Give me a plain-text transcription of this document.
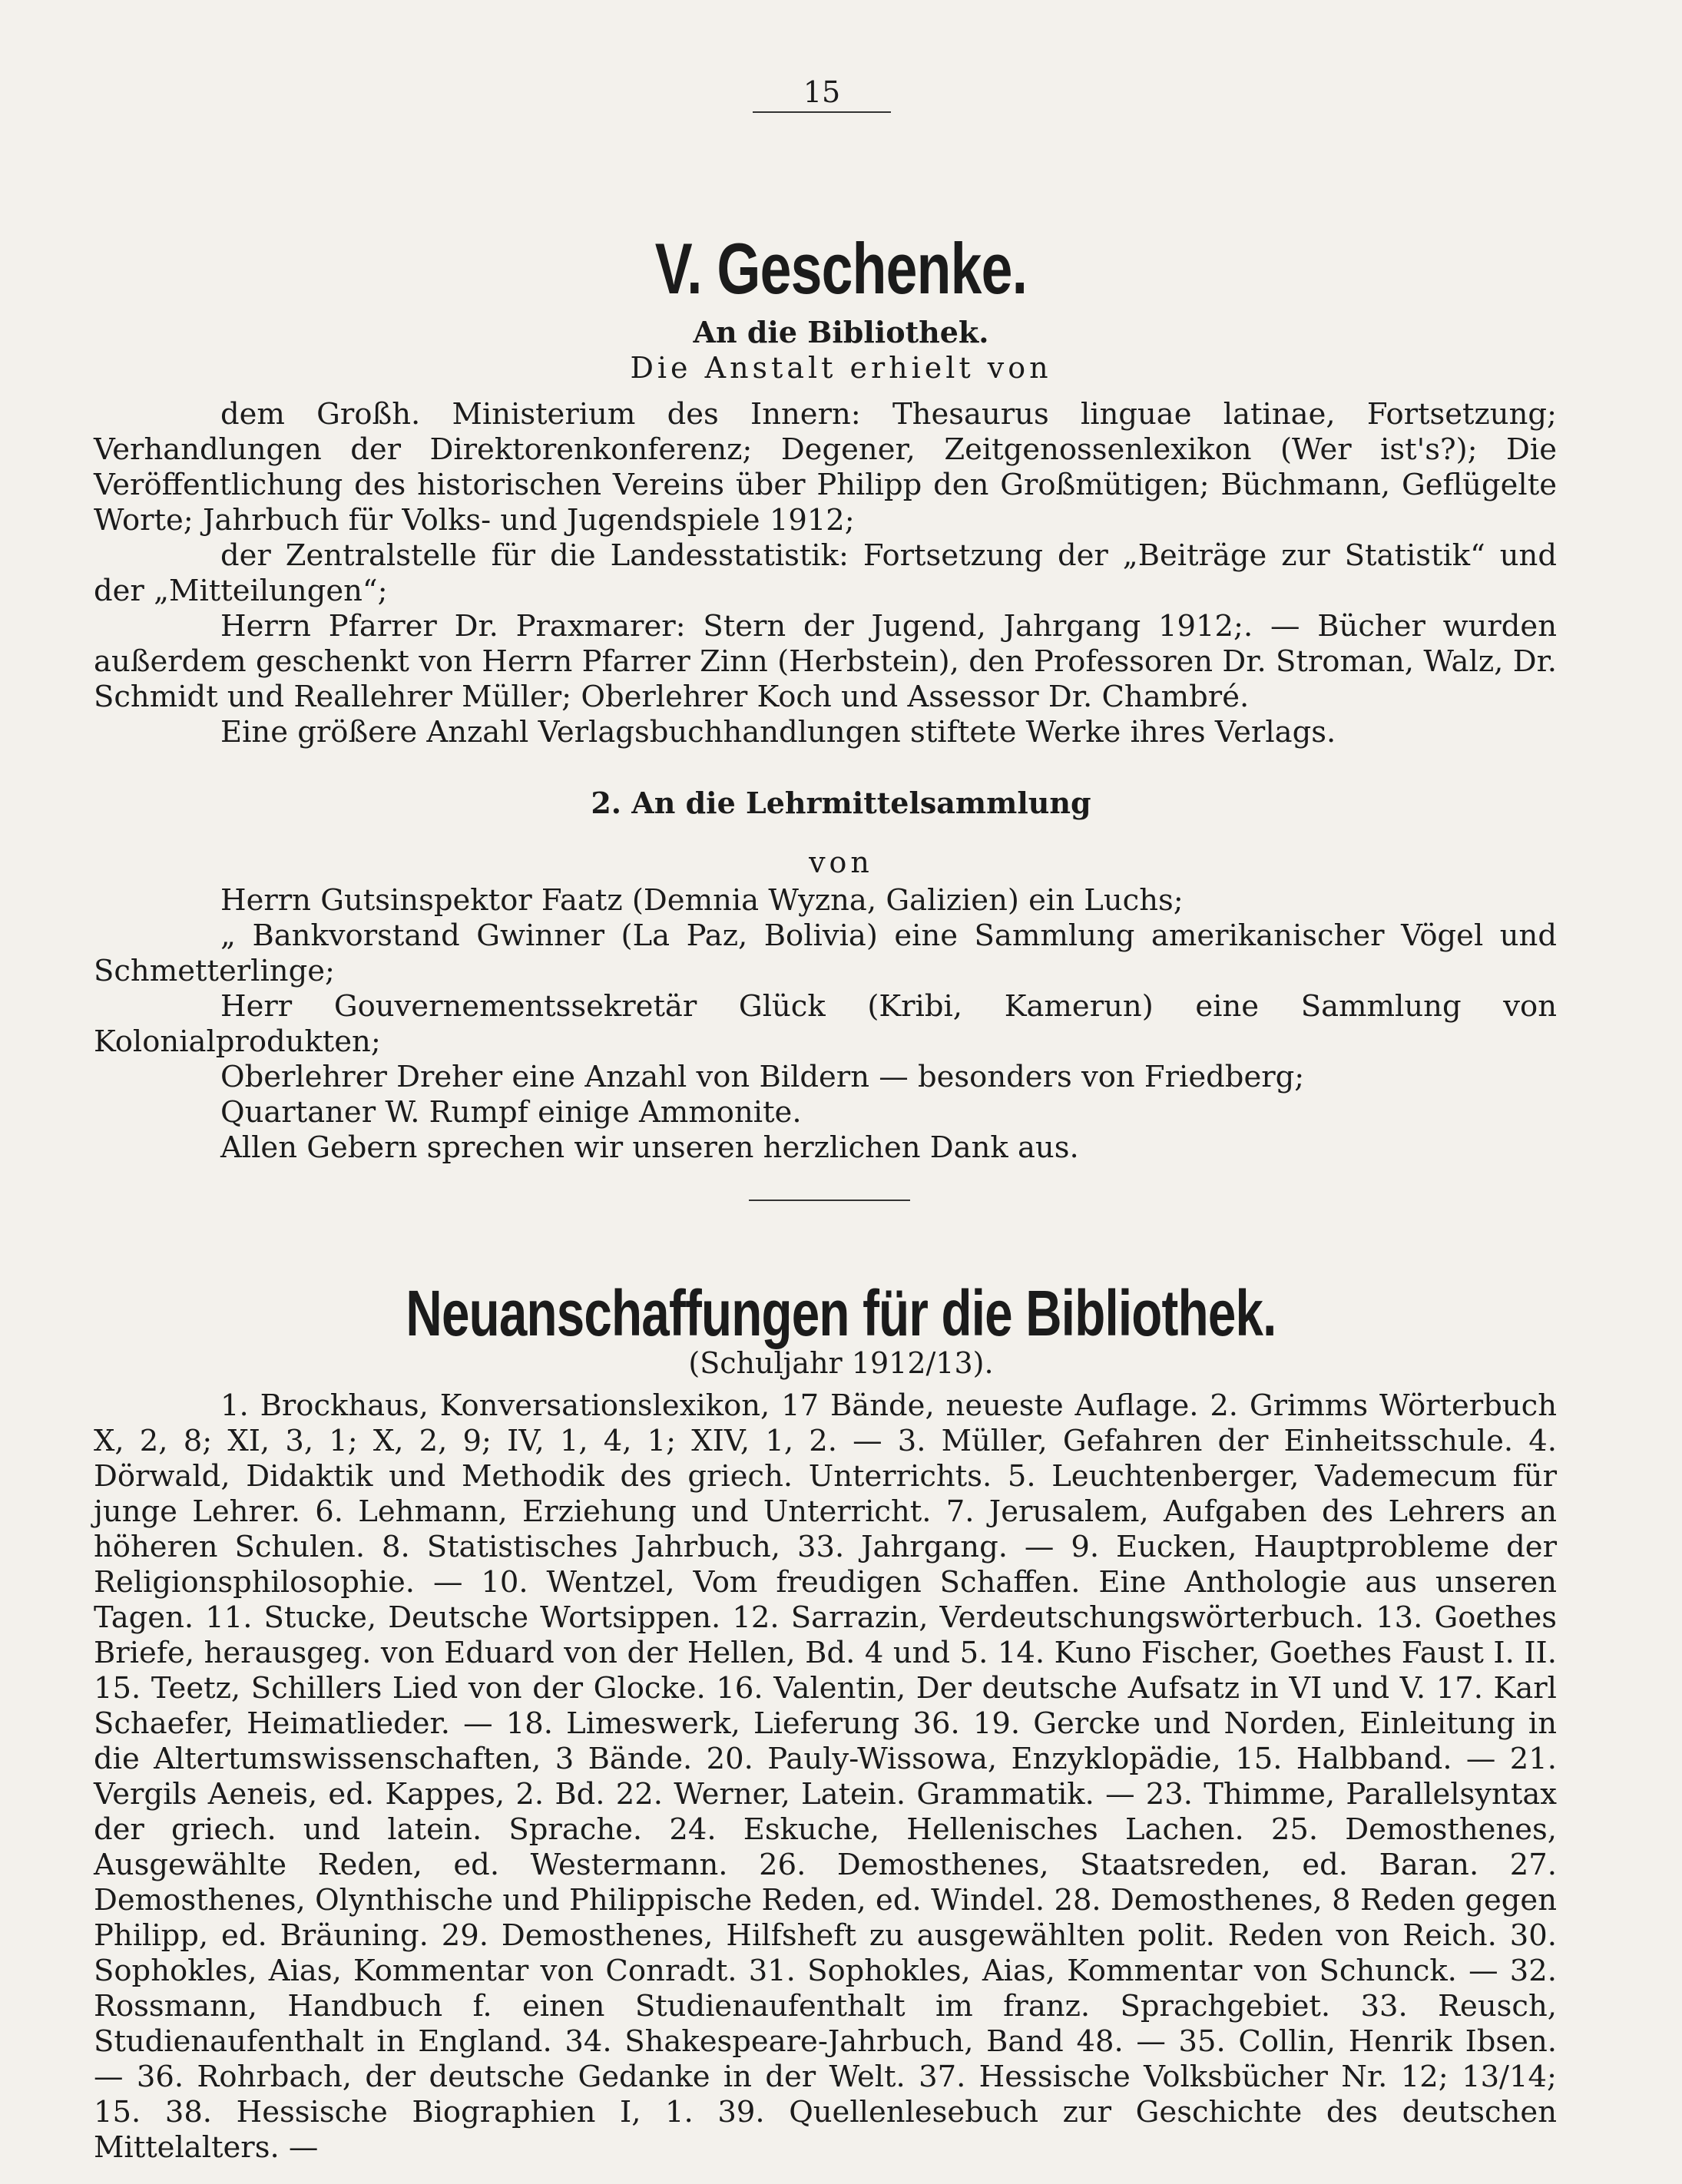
15
V. Geschenke.
An die Bibliothek.
Die Anstalt erhielt von

dem Großh. Ministerium des Innern: Thesaurus linguae latinae, Fortsetzung; Verhandlungen der Direktorenkonferenz; Degener, Zeitgenossenlexikon (Wer ist's?); Die Veröffentlichung des historischen Vereins über Philipp den Großmütigen; Büchmann, Geflügelte Worte; Jahrbuch für Volks- und Jugendspiele 1912;

der Zentralstelle für die Landesstatistik: Fortsetzung der „Beiträge zur Statistik“ und der „Mitteilungen“;

Herrn Pfarrer Dr. Praxmarer: Stern der Jugend, Jahrgang 1912;. — Bücher wurden außerdem geschenkt von Herrn Pfarrer Zinn (Herbstein), den Professoren Dr. Stroman, Walz, Dr. Schmidt und Reallehrer Müller; Oberlehrer Koch und Assessor Dr. Chambré.

Eine größere Anzahl Verlagsbuchhandlungen stiftete Werke ihres Verlags.

2. An die Lehrmittelsammlung
von

Herrn Gutsinspektor Faatz (Demnia Wyzna, Galizien) ein Luchs;

„ Bankvorstand Gwinner (La Paz, Bolivia) eine Sammlung amerikanischer Vögel und Schmetterlinge;

Herr Gouvernementssekretär Glück (Kribi, Kamerun) eine Sammlung von Kolonialprodukten;

Oberlehrer Dreher eine Anzahl von Bildern — besonders von Friedberg;

Quartaner W. Rumpf einige Ammonite.

Allen Gebern sprechen wir unseren herzlichen Dank aus.

Neuanschaffungen für die Bibliothek.
(Schuljahr 1912/13).

1. Brockhaus, Konversationslexikon, 17 Bände, neueste Auflage. 2. Grimms Wörterbuch X, 2, 8; XI, 3, 1; X, 2, 9; IV, 1, 4, 1; XIV, 1, 2. — 3. Müller, Gefahren der Einheitsschule. 4. Dörwald, Didaktik und Methodik des griech. Unterrichts. 5. Leuchtenberger, Vademecum für junge Lehrer. 6. Lehmann, Erziehung und Unterricht. 7. Jerusalem, Aufgaben des Lehrers an höheren Schulen. 8. Statistisches Jahrbuch, 33. Jahrgang. — 9. Eucken, Hauptprobleme der Religionsphilosophie. — 10. Wentzel, Vom freudigen Schaffen. Eine Anthologie aus unseren Tagen. 11. Stucke, Deutsche Wortsippen. 12. Sarrazin, Verdeutschungswörterbuch. 13. Goethes Briefe, herausgeg. von Eduard von der Hellen, Bd. 4 und 5. 14. Kuno Fischer, Goethes Faust I. II. 15. Teetz, Schillers Lied von der Glocke. 16. Valentin, Der deutsche Aufsatz in VI und V. 17. Karl Schaefer, Heimatlieder. — 18. Limeswerk, Lieferung 36. 19. Gercke und Norden, Einleitung in die Altertumswissenschaften, 3 Bände. 20. Pauly-Wissowa, Enzyklopädie, 15. Halbband. — 21. Vergils Aeneis, ed. Kappes, 2. Bd. 22. Werner, Latein. Grammatik. — 23. Thimme, Parallelsyntax der griech. und latein. Sprache. 24. Eskuche, Hellenisches Lachen. 25. Demosthenes, Ausgewählte Reden, ed. Westermann. 26. Demosthenes, Staatsreden, ed. Baran. 27. Demosthenes, Olynthische und Philippische Reden, ed. Windel. 28. Demosthenes, 8 Reden gegen Philipp, ed. Bräuning. 29. Demosthenes, Hilfsheft zu ausgewählten polit. Reden von Reich. 30. Sophokles, Aias, Kommentar von Conradt. 31. Sophokles, Aias, Kommentar von Schunck. — 32. Rossmann, Handbuch f. einen Studienaufenthalt im franz. Sprachgebiet. 33. Reusch, Studienaufenthalt in England. 34. Shakespeare-Jahrbuch, Band 48. — 35. Collin, Henrik Ibsen. — 36. Rohrbach, der deutsche Gedanke in der Welt. 37. Hessische Volksbücher Nr. 12; 13/14; 15. 38. Hessische Biographien I, 1. 39. Quellenlesebuch zur Geschichte des deutschen Mittelalters. —
